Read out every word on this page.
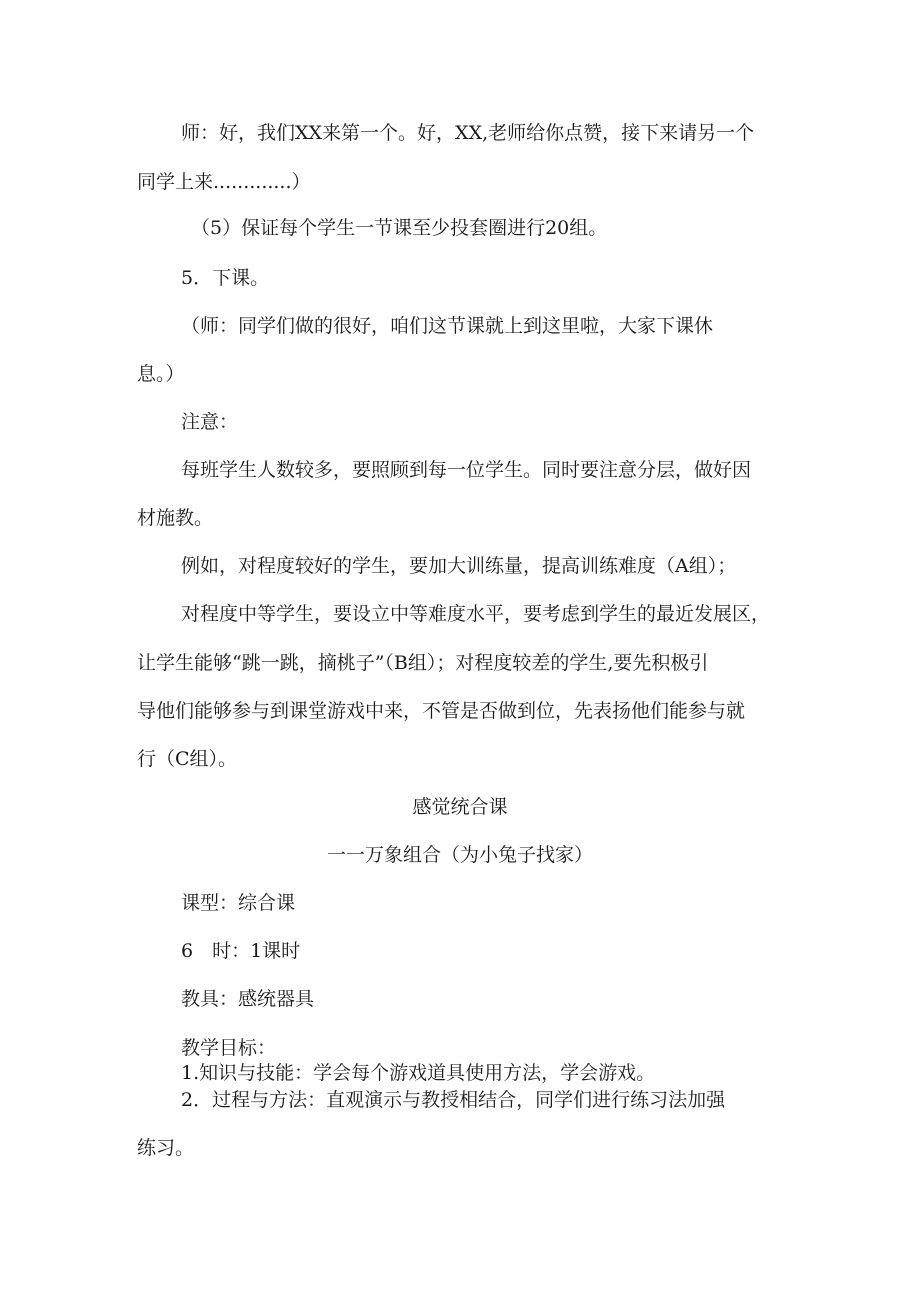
师：好，我们XX来第一个。好，XX,老师给你点赞，接下来请另一个
同学上来.............）
（5）保证每个学生一节课至少投套圈进行20组。
5．下课。
（师：同学们做的很好，咱们这节课就上到这里啦，大家下课休
息。）
注意：
每班学生人数较多，要照顾到每一位学生。同时要注意分层，做好因
材施教。
例如，对程度较好的学生，要加大训练量，提高训练难度（A组）；
对程度中等学生，要设立中等难度水平，要考虑到学生的最近发展区，
让学生能够“跳一跳，摘桃子”（B组）；对程度较差的学生,要先积极引
导他们能够参与到课堂游戏中来，不管是否做到位，先表扬他们能参与就
行（C组）。
感觉统合课
一一万象组合（为小兔子找家）
课型：综合课
6　时：1课时
教具：感统器具
教学目标：
1.知识与技能：学会每个游戏道具使用方法，学会游戏。
2．过程与方法：直观演示与教授相结合，同学们进行练习法加强
练习。
